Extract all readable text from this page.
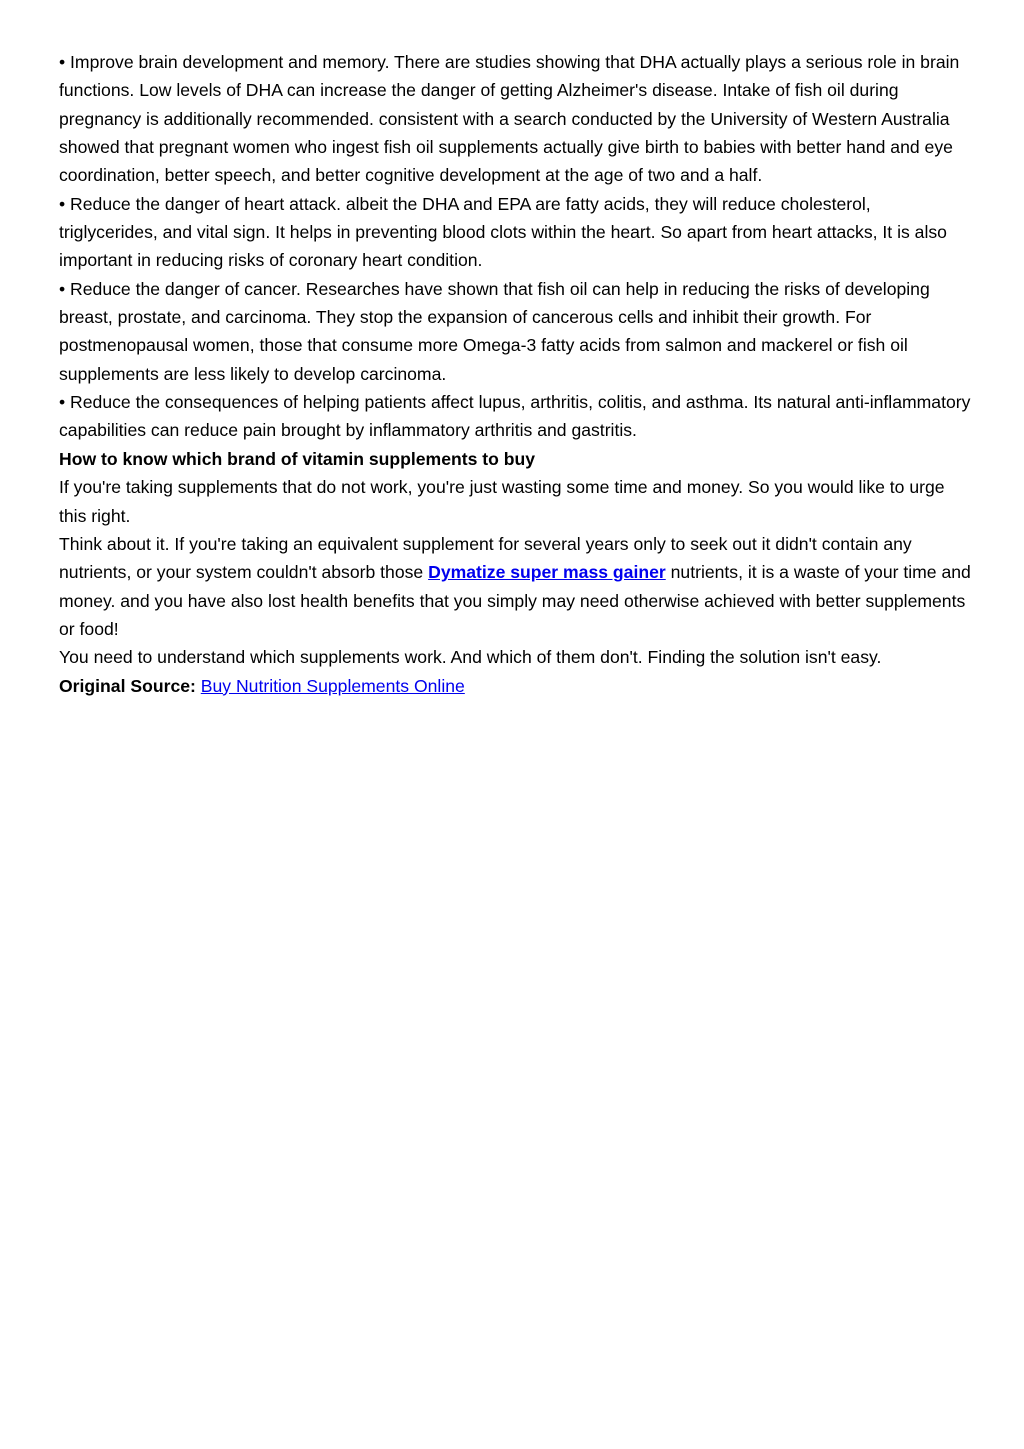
• Improve brain development and memory. There are studies showing that DHA actually plays a serious role in brain functions. Low levels of DHA can increase the danger of getting Alzheimer's disease. Intake of fish oil during pregnancy is additionally recommended. consistent with a search conducted by the University of Western Australia showed that pregnant women who ingest fish oil supplements actually give birth to babies with better hand and eye coordination, better speech, and better cognitive development at the age of two and a half.

• Reduce the danger of heart attack. albeit the DHA and EPA are fatty acids, they will reduce cholesterol, triglycerides, and vital sign. It helps in preventing blood clots within the heart. So apart from heart attacks, It is also important in reducing risks of coronary heart condition.

• Reduce the danger of cancer. Researches have shown that fish oil can help in reducing the risks of developing breast, prostate, and carcinoma. They stop the expansion of cancerous cells and inhibit their growth. For postmenopausal women, those that consume more Omega-3 fatty acids from salmon and mackerel or fish oil supplements are less likely to develop carcinoma.

• Reduce the consequences of helping patients affect lupus, arthritis, colitis, and asthma. Its natural anti-inflammatory capabilities can reduce pain brought by inflammatory arthritis and gastritis.

How to know which brand of vitamin supplements to buy

If you're taking supplements that do not work, you're just wasting some time and money. So you would like to urge this right.

Think about it. If you're taking an equivalent supplement for several years only to seek out it didn't contain any nutrients, or your system couldn't absorb those Dymatize super mass gainer nutrients, it is a waste of your time and money. and you have also lost health benefits that you simply may need otherwise achieved with better supplements or food!

You need to understand which supplements work. And which of them don't. Finding the solution isn't easy.

Original Source: Buy Nutrition Supplements Online
